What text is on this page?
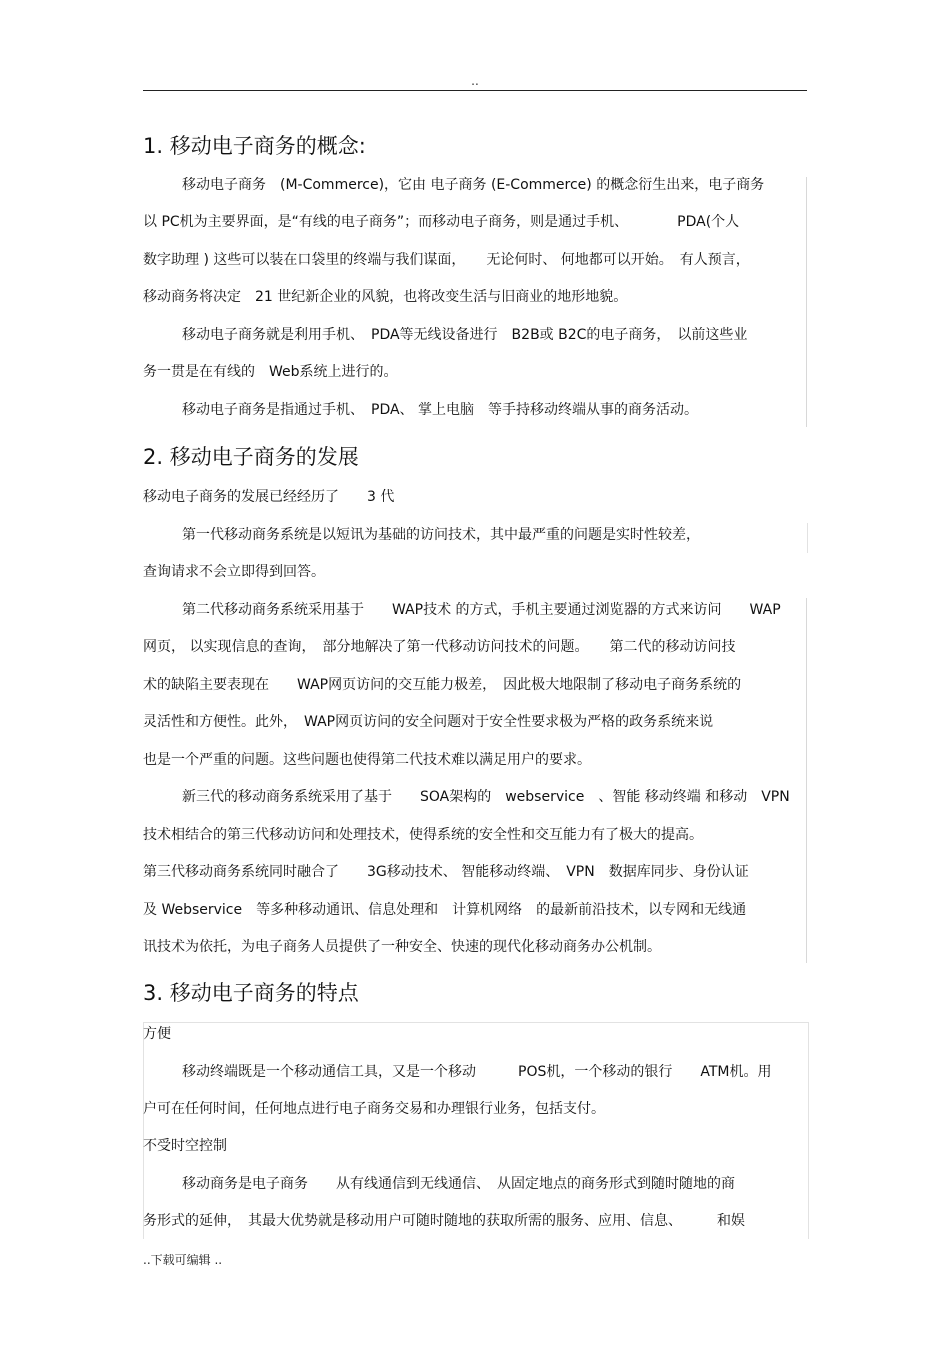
..
1. 移动电子商务的概念:
移动电子商务　(M-Commerce)，它由 电子商务 (E-Commerce) 的概念衍生出来，电子商务
以 PC机为主要界面，是“有线的电子商务”；而移动电子商务，则是通过手机、　　　　PDA(个人
数字助理 ) 这些可以装在口袋里的终端与我们谋面，　　无论何时、 何地都可以开始。　有人预言，
移动商务将决定　21 世纪新企业的风貌，也将改变生活与旧商业的地形地貌。
移动电子商务就是利用手机、　PDA等无线设备进行　B2B或 B2C的电子商务，　以前这些业
务一贯是在有线的　Web系统上进行的。
移动电子商务是指通过手机、　PDA、 掌上电脑　等手持移动终端从事的商务活动。
2. 移动电子商务的发展
移动电子商务的发展已经经历了　　3 代
第一代移动商务系统是以短讯为基础的访问技术，其中最严重的问题是实时性较差，
查询请求不会立即得到回答。
第二代移动商务系统采用基于　　WAP技术 的方式，手机主要通过浏览器的方式来访问　　WAP
网页， 以实现信息的查询，　部分地解决了第一代移动访问技术的问题。　　第二代的移动访问技
术的缺陷主要表现在　　WAP网页访问的交互能力极差，　因此极大地限制了移动电子商务系统的
灵活性和方便性。此外，　WAP网页访问的安全问题对于安全性要求极为严格的政务系统来说
也是一个严重的问题。这些问题也使得第二代技术难以满足用户的要求。
新三代的移动商务系统采用了基于　　SOA架构的　webservice　、智能 移动终端 和移动　VPN
技术相结合的第三代移动访问和处理技术，使得系统的安全性和交互能力有了极大的提高。
第三代移动商务系统同时融合了　　3G移动技术、 智能移动终端、　VPN　数据库同步、身份认证
及 Webservice　等多种移动通讯、信息处理和　计算机网络　的最新前沿技术，以专网和无线通
讯技术为依托，为电子商务人员提供了一种安全、快速的现代化移动商务办公机制。
3. 移动电子商务的特点
方便
移动终端既是一个移动通信工具，又是一个移动　　　POS机，一个移动的银行　　ATM机。用
户可在任何时间，任何地点进行电子商务交易和办理银行业务，包括支付。
不受时空控制
移动商务是电子商务　　从有线通信到无线通信、　从固定地点的商务形式到随时随地的商
务形式的延伸，　其最大优势就是移动用户可随时随地的获取所需的服务、应用、信息、　　　和娱
..下载可编辑 ..
